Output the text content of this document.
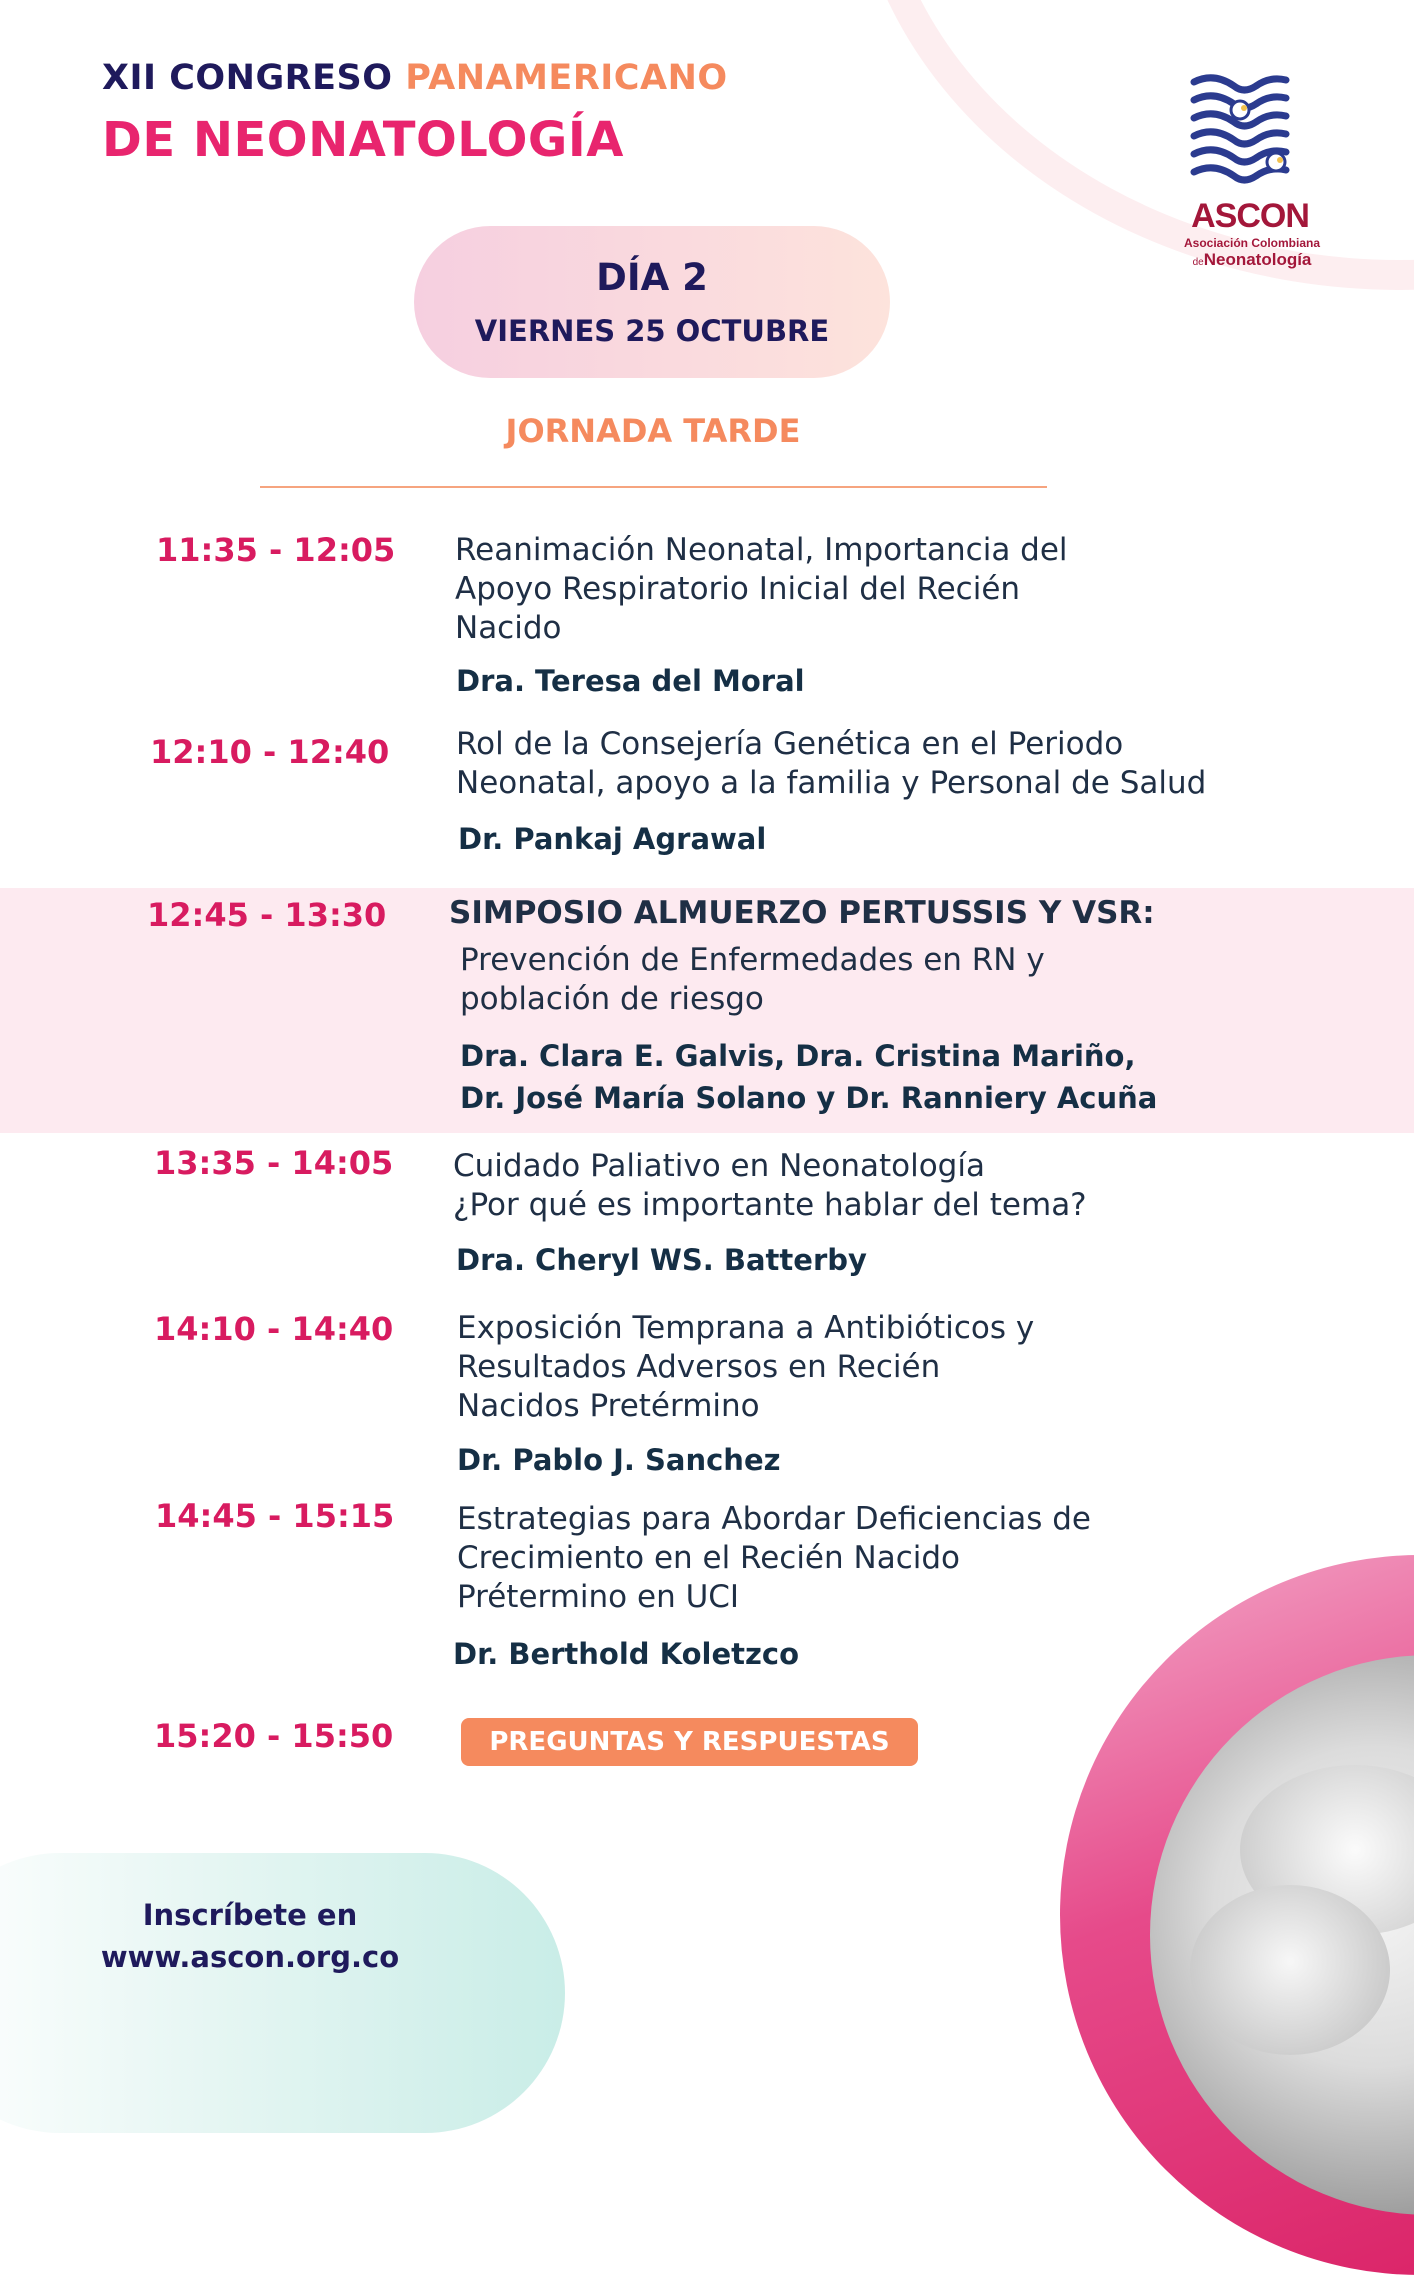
XII CONGRESO PANAMERICANO
DE NEONATOLOGÍA
ASCON
Asociación Colombiana
deNeonatología
DÍA 2
VIERNES 25 OCTUBRE
JORNADA TARDE
11:35 - 12:05 Reanimación Neonatal, Importancia del
Apoyo Respiratorio Inicial del Recién
Nacido
Dra. Teresa del Moral
12:10 - 12:40 Rol de la Consejería Genética en el Periodo
Neonatal, apoyo a la familia y Personal de Salud
Dr. Pankaj Agrawal
12:45 - 13:30 SIMPOSIO ALMUERZO PERTUSSIS Y VSR:
Prevención de Enfermedades en RN y
población de riesgo
Dra. Clara E. Galvis, Dra. Cristina Mariño,
Dr. José María Solano y Dr. Ranniery Acuña
13:35 - 14:05 Cuidado Paliativo en Neonatología
¿Por qué es importante hablar del tema?
Dra. Cheryl WS. Batterby
14:10 - 14:40 Exposición Temprana a Antibióticos y
Resultados Adversos en Recién
Nacidos Pretérmino
Dr. Pablo J. Sanchez
14:45 - 15:15 Estrategias para Abordar Deficiencias de
Crecimiento en el Recién Nacido
Prétermino en UCI
Dr. Berthold Koletzco
15:20 - 15:50	PREGUNTAS Y RESPUESTAS
Inscríbete en
www.ascon.org.co
